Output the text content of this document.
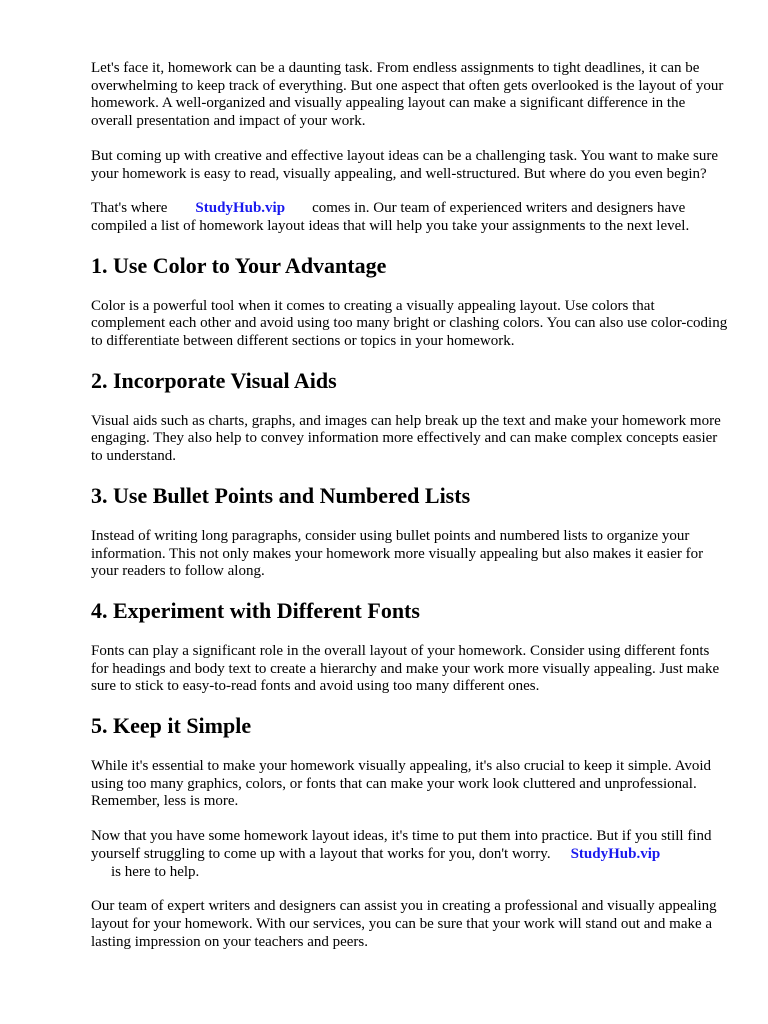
Let's face it, homework can be a daunting task. From endless assignments to tight deadlines, it can be overwhelming to keep track of everything. But one aspect that often gets overlooked is the layout of your homework. A well-organized and visually appealing layout can make a significant difference in the overall presentation and impact of your work.

But coming up with creative and effective layout ideas can be a challenging task. You want to make sure your homework is easy to read, visually appealing, and well-structured. But where do you even begin?

That's where StudyHub.vip comes in. Our team of experienced writers and designers have compiled a list of homework layout ideas that will help you take your assignments to the next level.

1. Use Color to Your Advantage

Color is a powerful tool when it comes to creating a visually appealing layout. Use colors that complement each other and avoid using too many bright or clashing colors. You can also use color-coding to differentiate between different sections or topics in your homework.

2. Incorporate Visual Aids

Visual aids such as charts, graphs, and images can help break up the text and make your homework more engaging. They also help to convey information more effectively and can make complex concepts easier to understand.

3. Use Bullet Points and Numbered Lists

Instead of writing long paragraphs, consider using bullet points and numbered lists to organize your information. This not only makes your homework more visually appealing but also makes it easier for your readers to follow along.

4. Experiment with Different Fonts

Fonts can play a significant role in the overall layout of your homework. Consider using different fonts for headings and body text to create a hierarchy and make your work more visually appealing. Just make sure to stick to easy-to-read fonts and avoid using too many different ones.

5. Keep it Simple

While it's essential to make your homework visually appealing, it's also crucial to keep it simple. Avoid using too many graphics, colors, or fonts that can make your work look cluttered and unprofessional. Remember, less is more.

Now that you have some homework layout ideas, it's time to put them into practice. But if you still find yourself struggling to come up with a layout that works for you, don't worry. StudyHub.vip
is here to help.

Our team of expert writers and designers can assist you in creating a professional and visually appealing layout for your homework. With our services, you can be sure that your work will stand out and make a lasting impression on your teachers and peers.
